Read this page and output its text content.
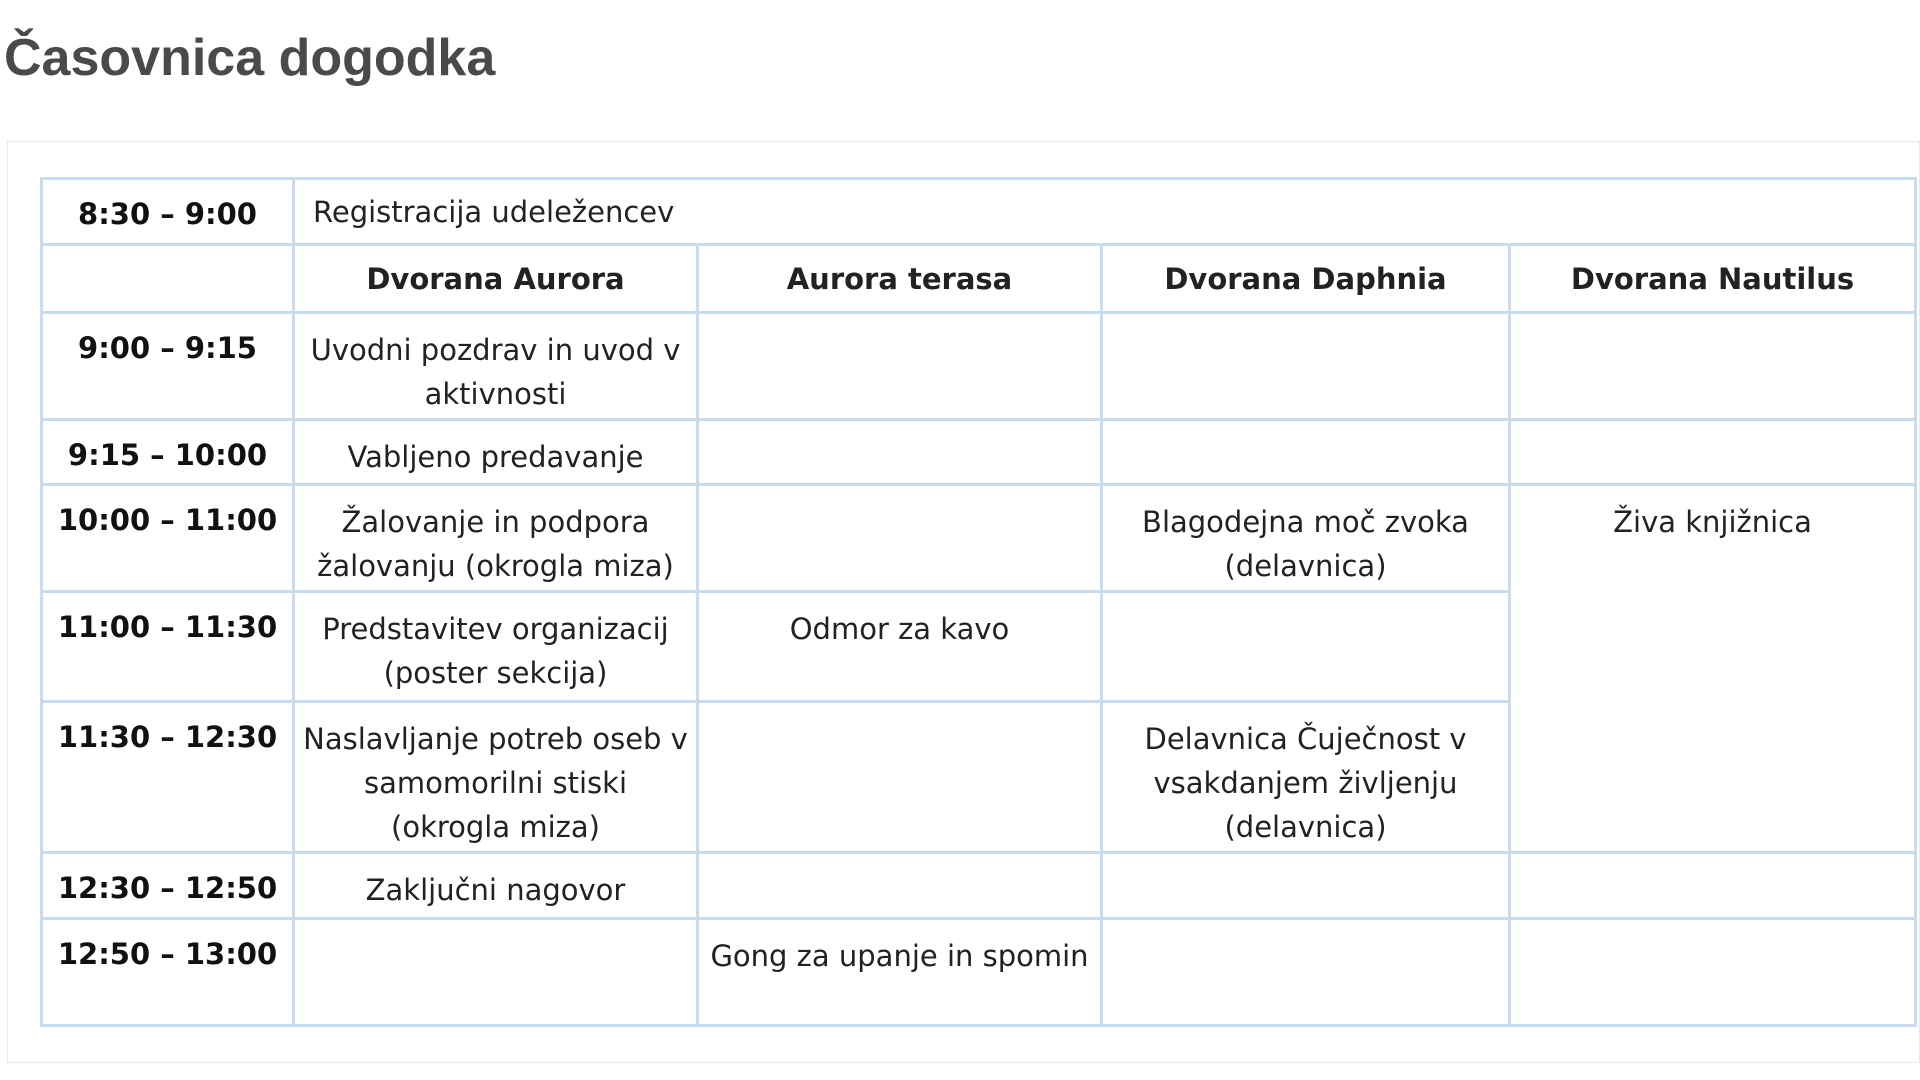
Časovnica dogodka
8:30 – 9:00	Registracija udeležencev			
	Dvorana Aurora	Aurora terasa	Dvorana Daphnia	Dvorana Nautilus
9:00 – 9:15	Uvodni pozdrav in uvod v aktivnosti			
9:15 – 10:00	Vabljeno predavanje			
10:00 – 11:00	Žalovanje in podpora žalovanju (okrogla miza)		Blagodejna moč zvoka (delavnica)	Živa knjižnica
11:00 – 11:30	Predstavitev organizacij (poster sekcija)	Odmor za kavo		
11:30 – 12:30	Naslavljanje potreb oseb v samomorilni stiski (okrogla miza)		Delavnica Čuječnost v vsakdanjem življenju (delavnica)	
12:30 – 12:50	Zaključni nagovor			
12:50 – 13:00		Gong za upanje in spomin		
